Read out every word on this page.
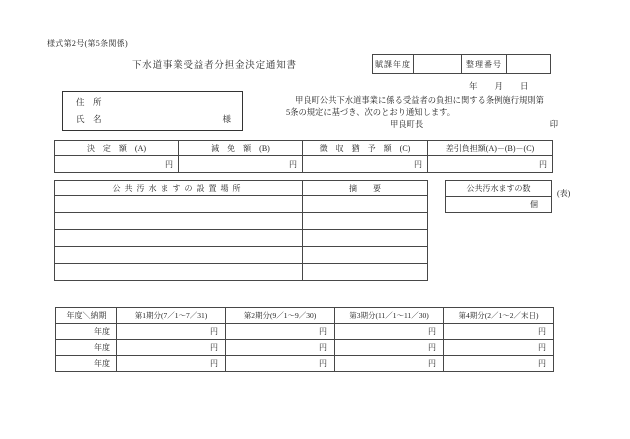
様式第2号(第5条関係)
下水道事業受益者分担金決定通知書	賦課年度		整理番号	
年　　月　　日
住　所
氏　名	様
甲良町公共下水道事業に係る受益者の負担に関する条例施行規則第
5条の規定に基づき、次のとおり通知します。
甲良町長	印
決　定　額　(A)	減　免　額　(B)	徴　収　猶　予　額　(C)	差引負担額(A)－(B)－(C)
円	円	円	円
公共汚水ますの設置場所	摘　　要

		公共汚水ますの数
個
(表)
年度＼納期	第1期分(7／1～7／31)	第2期分(9／1～9／30)	第3期分(11／1～11／30)	第4期分(2／1～2／末日)
年度	円	円	円	円
年度	円	円	円	円
年度	円	円	円	円
